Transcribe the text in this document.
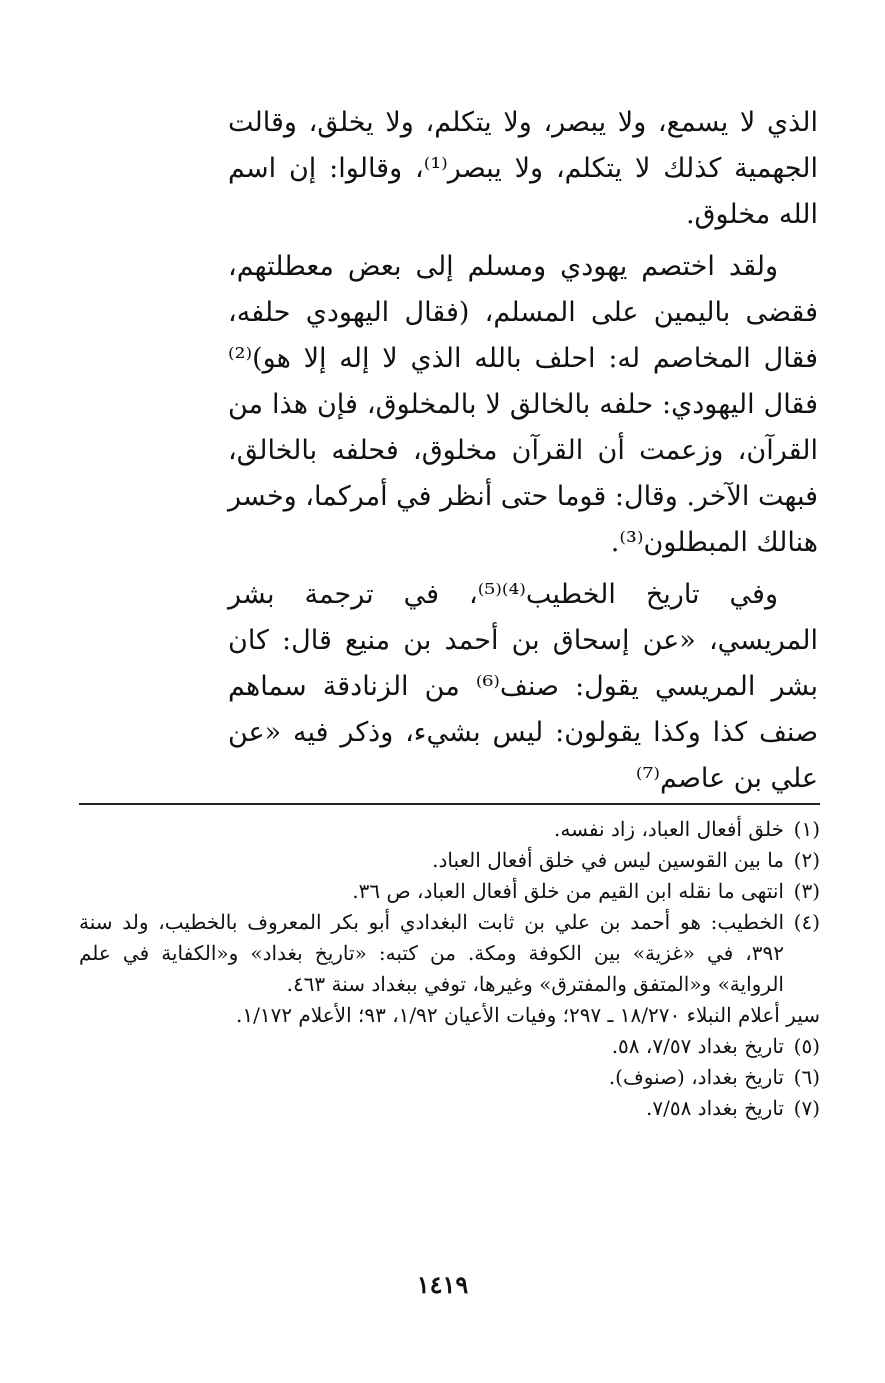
الذي لا يسمع، ولا يبصر، ولا يتكلم، ولا يخلق، وقالت الجهمية كذلك لا يتكلم، ولا يبصر⁽¹⁾، وقالوا: إن اسم الله مخلوق.

ولقد اختصم يهودي ومسلم إلى بعض معطلتهم، فقضى باليمين على المسلم، (فقال اليهودي حلفه، فقال المخاصم له: احلف بالله الذي لا إله إلا هو)⁽²⁾ فقال اليهودي: حلفه بالخالق لا بالمخلوق، فإن هذا من القرآن، وزعمت أن القرآن مخلوق، فحلفه بالخالق، فبهت الآخر. وقال: قوما حتى أنظر في أمركما، وخسر هنالك المبطلون⁽³⁾.

وفي تاريخ الخطيب⁽⁴⁾⁽⁵⁾، في ترجمة بشر المريسي، «عن إسحاق بن أحمد بن منيع قال: كان بشر المريسي يقول: صنف⁽⁶⁾ من الزنادقة سماهم صنف كذا وكذا يقولون: ليس بشيء، وذكر فيه «عن علي بن عاصم⁽⁷⁾

(١)
خلق أفعال العباد، زاد نفسه.
(٢)
ما بين القوسين ليس في خلق أفعال العباد.
(٣)
انتهى ما نقله ابن القيم من خلق أفعال العباد، ص ٣٦.
(٤)
الخطيب: هو أحمد بن علي بن ثابت البغدادي أبو بكر المعروف بالخطيب، ولد سنة ٣٩٢، في «غزية» بين الكوفة ومكة. من كتبه: «تاريخ بغداد» و«الكفاية في علم الرواية» و«المتفق والمفترق» وغيرها، توفي ببغداد سنة ٤٦٣.
سير أعلام النبلاء ١٨/٢٧٠ ـ ٢٩٧؛ وفيات الأعيان ١/٩٢، ٩٣؛ الأعلام ١/١٧٢.
(٥)
تاريخ بغداد ٧/٥٧، ٥٨.
(٦)
تاريخ بغداد، (صنوف).
(٧)
تاريخ بغداد ٧/٥٨.
١٤١٩
